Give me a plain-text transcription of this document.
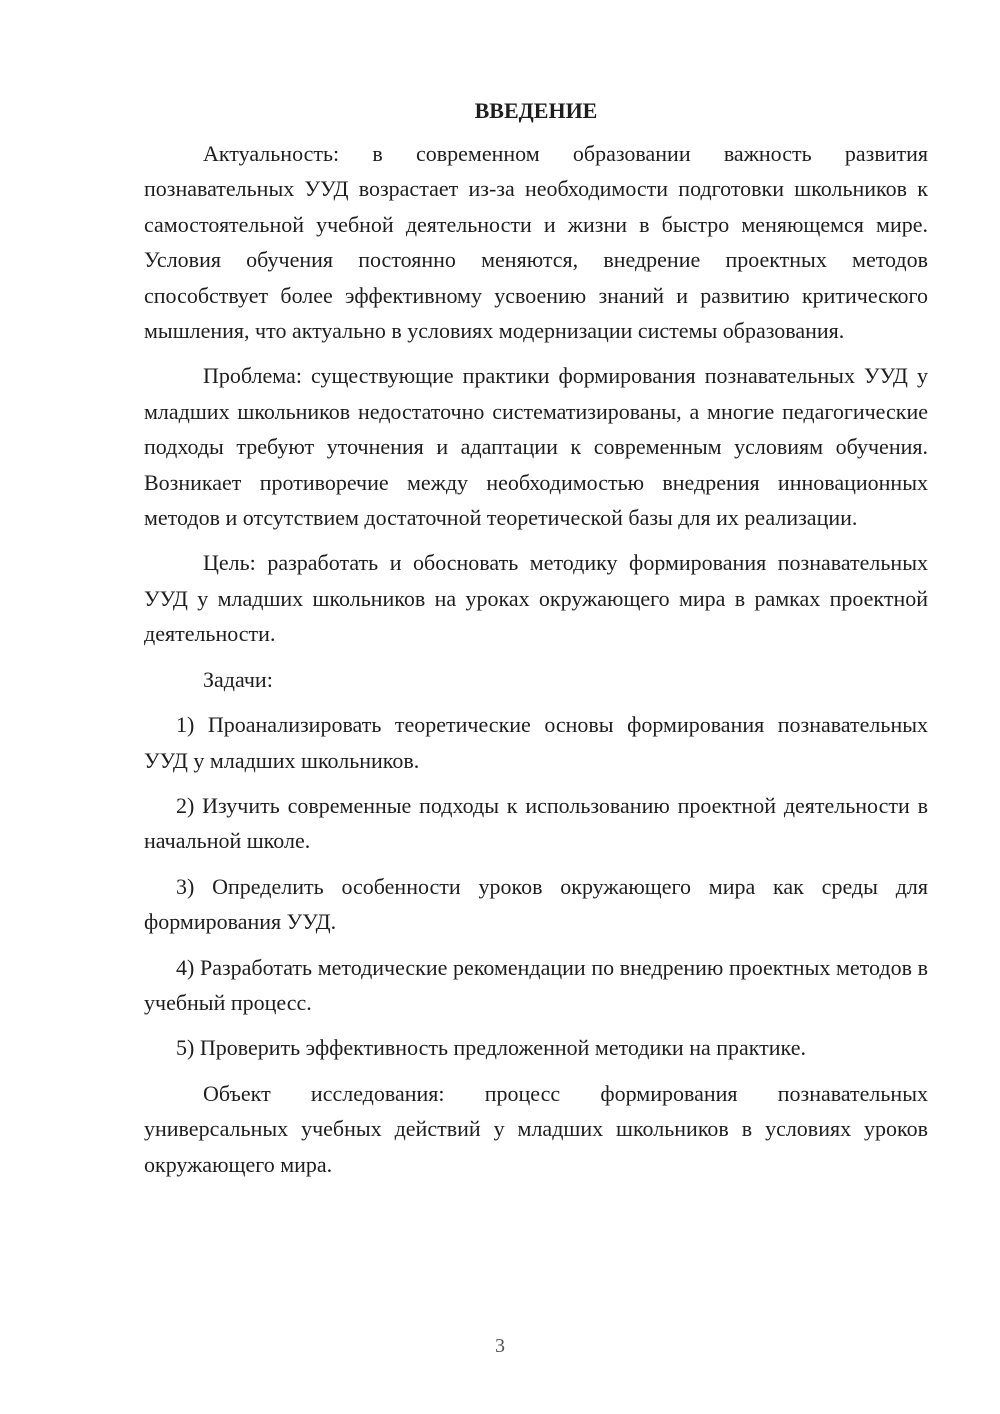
ВВЕДЕНИЕ

Актуальность: в современном образовании важность развития познавательных УУД возрастает из-за необходимости подготовки школьников к самостоятельной учебной деятельности и жизни в быстро меняющемся мире. Условия обучения постоянно меняются, внедрение проектных методов способствует более эффективному усвоению знаний и развитию критического мышления, что актуально в условиях модернизации системы образования.

Проблема: существующие практики формирования познавательных УУД у младших школьников недостаточно систематизированы, а многие педагогические подходы требуют уточнения и адаптации к современным условиям обучения. Возникает противоречие между необходимостью внедрения инновационных методов и отсутствием достаточной теоретической базы для их реализации.

Цель: разработать и обосновать методику формирования познавательных УУД у младших школьников на уроках окружающего мира в рамках проектной деятельности.

Задачи:

1) Проанализировать теоретические основы формирования познавательных УУД у младших школьников.

2) Изучить современные подходы к использованию проектной деятельности в начальной школе.

3) Определить особенности уроков окружающего мира как среды для формирования УУД.

4) Разработать методические рекомендации по внедрению проектных методов в учебный процесс.

5) Проверить эффективность предложенной методики на практике.

Объект исследования: процесс формирования познавательных универсальных учебных действий у младших школьников в условиях уроков окружающего мира.

3
